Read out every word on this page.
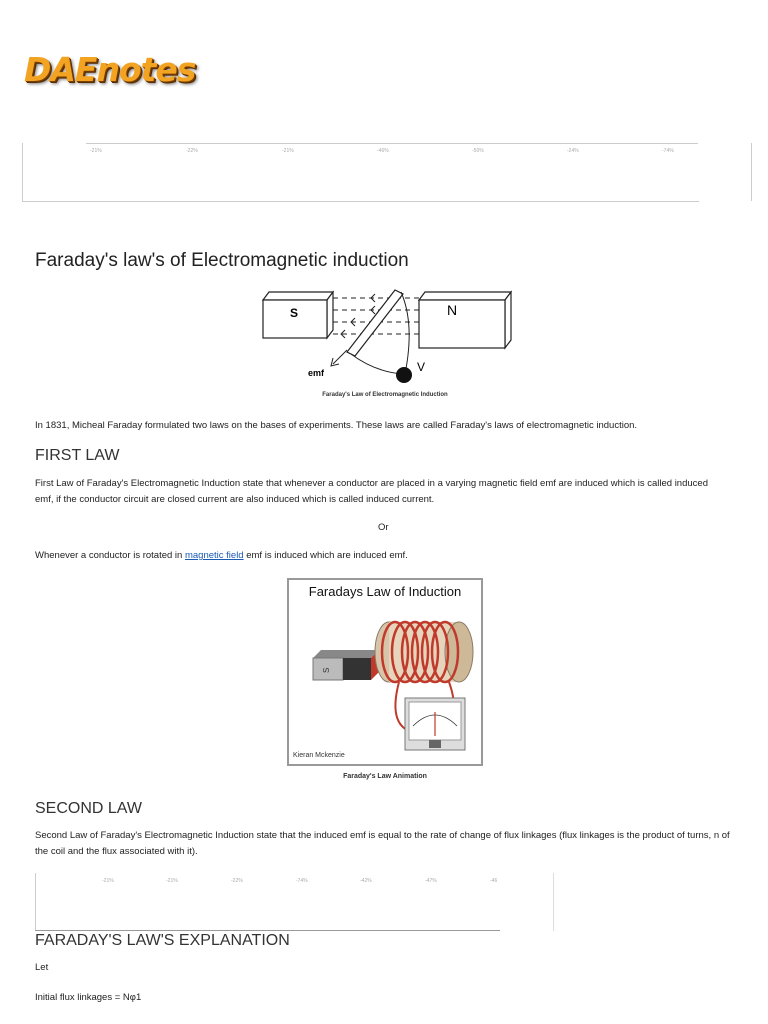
DAEnotes
-21%	-22%	-21%	-46%	-50%	-24%	-74%
Faraday's law's of Electromagnetic induction
emf	V
S	N
Faraday's Law of Electromagnetic Induction
In 1831, Micheal Faraday formulated two laws on the bases of experiments. These laws are called Faraday's laws of electromagnetic induction.
FIRST LAW
First Law of Faraday's Electromagnetic Induction state that whenever a conductor are placed in a varying magnetic field emf are induced which is called induced emf, if the conductor circuit are closed current are also induced which is called induced current.
Or
Whenever a conductor is rotated in magnetic field emf is induced which are induced emf.
Faradays Law of Induction
S
Kieran Mckenzie
Faraday's Law Animation
SECOND LAW
Second Law of Faraday's Electromagnetic Induction state that the induced emf is equal to the rate of change of flux linkages (flux linkages is the product of turns, n of the coil and the flux associated with it).
-21%	-21%	-22%	-74%	-42%	-47%	-46
FARADAY'S LAW'S EXPLANATION
Let
Initial flux linkages = Nφ1
